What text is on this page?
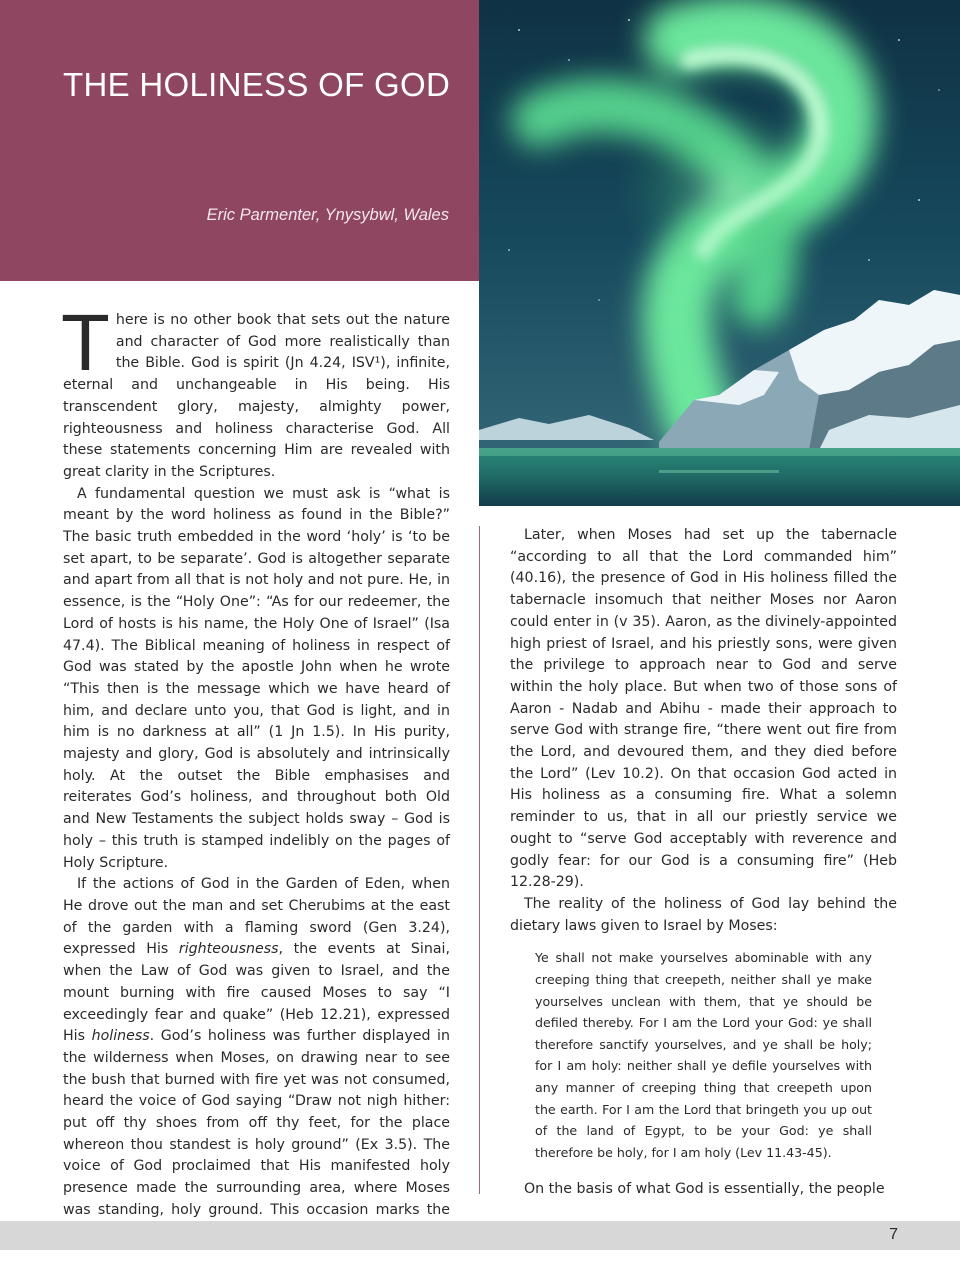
THE HOLINESS OF GOD

Eric Parmenter, Ynysybwl, Wales

There is no other book that sets out the nature and character of God more realistically than the Bible. God is spirit (Jn 4.24, ISV¹), infinite, eternal and unchangeable in His being. His transcendent glory, majesty, almighty power, righteousness and holiness characterise God. All these statements concerning Him are revealed with great clarity in the Scriptures.

A fundamental question we must ask is “what is meant by the word holiness as found in the Bible?” The basic truth embedded in the word ‘holy’ is ‘to be set apart, to be separate’. God is altogether separate and apart from all that is not holy and not pure. He, in essence, is the “Holy One”: “As for our redeemer, the Lord of hosts is his name, the Holy One of Israel” (Isa 47.4). The Biblical meaning of holiness in respect of God was stated by the apostle John when he wrote “This then is the message which we have heard of him, and declare unto you, that God is light, and in him is no darkness at all” (1 Jn 1.5). In His purity, majesty and glory, God is absolutely and intrinsically holy. At the outset the Bible emphasises and reiterates God’s holiness, and throughout both Old and New Testaments the subject holds sway – God is holy – this truth is stamped indelibly on the pages of Holy Scripture.

If the actions of God in the Garden of Eden, when He drove out the man and set Cherubims at the east of the garden with a flaming sword (Gen 3.24), expressed His righteousness, the events at Sinai, when the Law of God was given to Israel, and the mount burning with fire caused Moses to say “I exceedingly fear and quake” (Heb 12.21), expressed His holiness. God’s holiness was further displayed in the wilderness when Moses, on drawing near to see the bush that burned with fire yet was not consumed, heard the voice of God saying “Draw not nigh hither: put off thy shoes from off thy feet, for the place whereon thou standest is holy ground” (Ex 3.5). The voice of God proclaimed that His manifested holy presence made the surrounding area, where Moses was standing, holy ground. This occasion marks the

Later, when Moses had set up the tabernacle “according to all that the Lord commanded him” (40.16), the presence of God in His holiness filled the tabernacle insomuch that neither Moses nor Aaron could enter in (v 35). Aaron, as the divinely-appointed high priest of Israel, and his priestly sons, were given the privilege to approach near to God and serve within the holy place. But when two of those sons of Aaron - Nadab and Abihu - made their approach to serve God with strange fire, “there went out fire from the Lord, and devoured them, and they died before the Lord” (Lev 10.2). On that occasion God acted in His holiness as a consuming fire. What a solemn reminder to us, that in all our priestly service we ought to “serve God acceptably with reverence and godly fear: for our God is a consuming fire” (Heb 12.28-29).

The reality of the holiness of God lay behind the dietary laws given to Israel by Moses:

Ye shall not make yourselves abominable with any creeping thing that creepeth, neither shall ye make yourselves unclean with them, that ye should be defiled thereby. For I am the Lord your God: ye shall therefore sanctify yourselves, and ye shall be holy; for I am holy: neither shall ye defile yourselves with any manner of creeping thing that creepeth upon the earth. For I am the Lord that bringeth you up out of the land of Egypt, to be your God: ye shall therefore be holy, for I am holy (Lev 11.43-45).

On the basis of what God is essentially, the people

7
